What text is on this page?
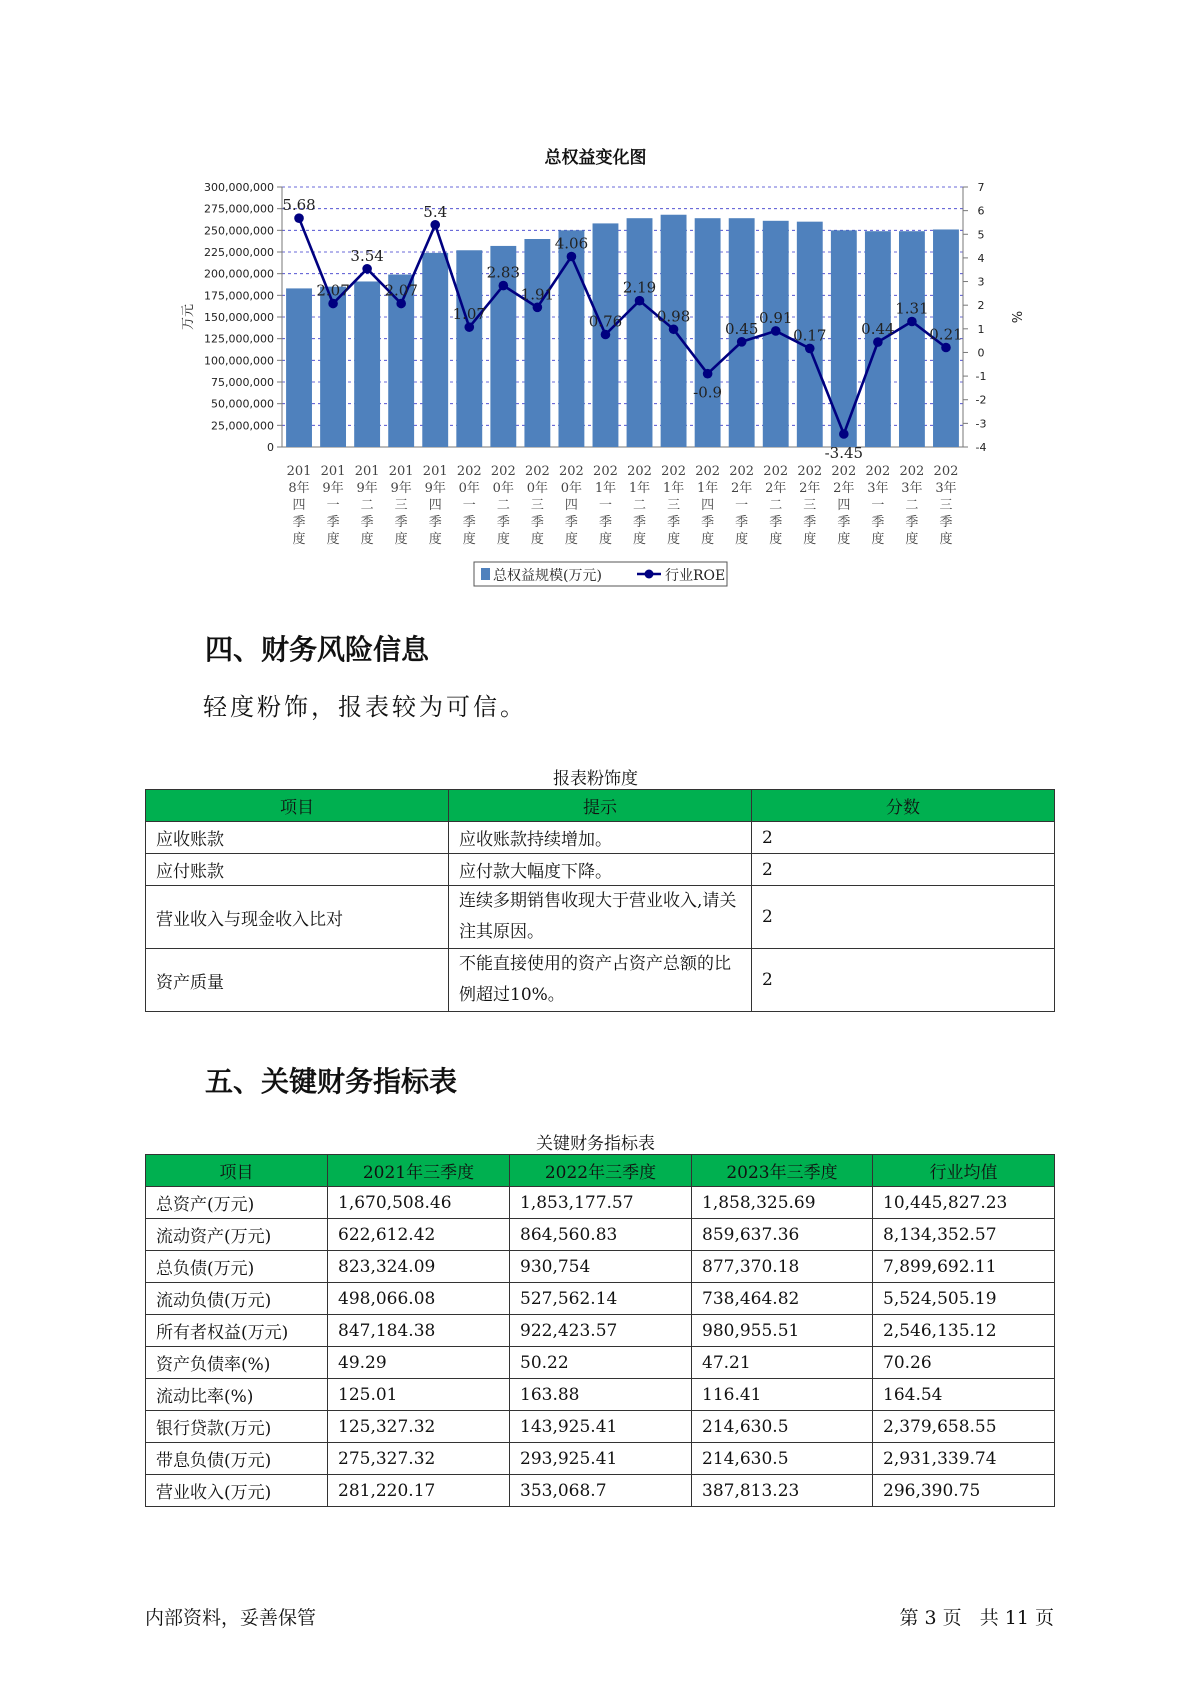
总权益变化图
0
25,000,000
50,000,000
75,000,000
100,000,000
125,000,000
150,000,000
175,000,000
200,000,000
225,000,000
250,000,000
275,000,000
300,000,000
-4
-3
-2
-1
0
1
2
3
4
5
6
7
万元	%
5.68
2.07
3.54
2.07
5.4
1.07
2.83
1.91
4.06
0.76
2.19
0.98
-0.9
0.45
0.91
0.17
-3.45
0.44
1.31
0.21
201
8年
四
季
度
201
9年
一
季
度
201
9年
二
季
度
201
9年
三
季
度
201
9年
四
季
度
202
0年
一
季
度
202
0年
二
季
度
202
0年
三
季
度
202
0年
四
季
度
202
1年
一
季
度
202
1年
二
季
度
202
1年
三
季
度
202
1年
四
季
度
202
2年
一
季
度
202
2年
二
季
度
202
2年
三
季
度
202
2年
四
季
度
202
3年
一
季
度
202
3年
二
季
度
202
3年
三
季
度
总权益规模(万元)	行业ROE
四、财务风险信息
轻度粉饰，报表较为可信。
报表粉饰度
项目	提示	分数
应收账款	应收账款持续增加。	2
应付账款	应付款大幅度下降。	2
营业收入与现金收入比对	连续多期销售收现大于营业收入,请关注其原因。	2
资产质量	不能直接使用的资产占资产总额的比例超过10%。	2
五、关键财务指标表
关键财务指标表
项目	2021年三季度	2022年三季度	2023年三季度	行业均值
总资产(万元)	1,670,508.46	1,853,177.57	1,858,325.69	10,445,827.23
流动资产(万元)	622,612.42	864,560.83	859,637.36	8,134,352.57
总负债(万元)	823,324.09	930,754	877,370.18	7,899,692.11
流动负债(万元)	498,066.08	527,562.14	738,464.82	5,524,505.19
所有者权益(万元)	847,184.38	922,423.57	980,955.51	2,546,135.12
资产负债率(%)	49.29	50.22	47.21	70.26
流动比率(%)	125.01	163.88	116.41	164.54
银行贷款(万元)	125,327.32	143,925.41	214,630.5	2,379,658.55
带息负债(万元)	275,327.32	293,925.41	214,630.5	2,931,339.74
营业收入(万元)	281,220.17	353,068.7	387,813.23	296,390.75
内部资料，妥善保管	第 3 页   共 11 页
